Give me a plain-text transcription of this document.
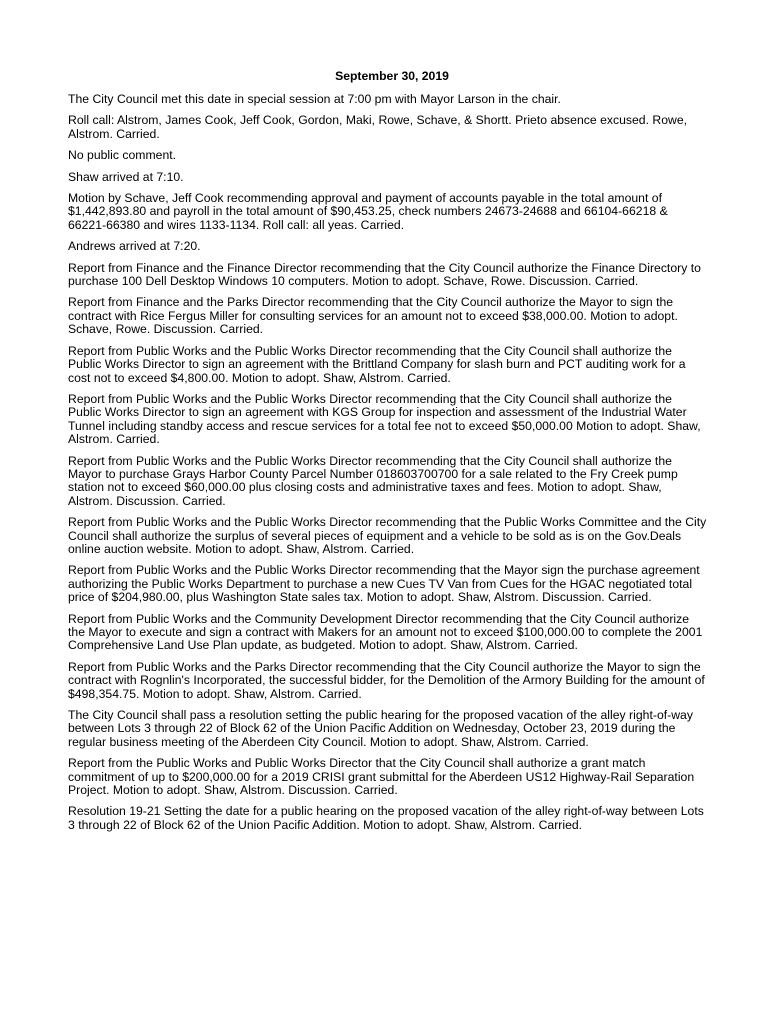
September 30, 2019

The City Council met this date in special session at 7:00 pm with Mayor Larson in the chair.

Roll call: Alstrom, James Cook, Jeff Cook, Gordon, Maki, Rowe, Schave, & Shortt. Prieto absence excused. Rowe, Alstrom. Carried.

No public comment.

Shaw arrived at 7:10.

Motion by Schave, Jeff Cook recommending approval and payment of accounts payable in the total amount of $1,442,893.80 and payroll in the total amount of $90,453.25, check numbers 24673-24688 and 66104-66218 & 66221-66380 and wires 1133-1134. Roll call: all yeas. Carried.

Andrews arrived at 7:20.

Report from Finance and the Finance Director recommending that the City Council authorize the Finance Directory to purchase 100 Dell Desktop Windows 10 computers. Motion to adopt. Schave, Rowe. Discussion. Carried.

Report from Finance and the Parks Director recommending that the City Council authorize the Mayor to sign the contract with Rice Fergus Miller for consulting services for an amount not to exceed $38,000.00. Motion to adopt. Schave, Rowe. Discussion. Carried.

Report from Public Works and the Public Works Director recommending that the City Council shall authorize the Public Works Director to sign an agreement with the Brittland Company for slash burn and PCT auditing work for a cost not to exceed $4,800.00. Motion to adopt. Shaw, Alstrom. Carried.

Report from Public Works and the Public Works Director recommending that the City Council shall authorize the Public Works Director to sign an agreement with KGS Group for inspection and assessment of the Industrial Water Tunnel including standby access and rescue services for a total fee not to exceed $50,000.00 Motion to adopt. Shaw, Alstrom. Carried.

Report from Public Works and the Public Works Director recommending that the City Council shall authorize the Mayor to purchase Grays Harbor County Parcel Number 018603700700 for a sale related to the Fry Creek pump station not to exceed $60,000.00 plus closing costs and administrative taxes and fees. Motion to adopt. Shaw, Alstrom. Discussion. Carried.

Report from Public Works and the Public Works Director recommending that the Public Works Committee and the City Council shall authorize the surplus of several pieces of equipment and a vehicle to be sold as is on the Gov.Deals online auction website. Motion to adopt. Shaw, Alstrom. Carried.

Report from Public Works and the Public Works Director recommending that the Mayor sign the purchase agreement authorizing the Public Works Department to purchase a new Cues TV Van from Cues for the HGAC negotiated total price of $204,980.00, plus Washington State sales tax. Motion to adopt. Shaw, Alstrom. Discussion. Carried.

Report from Public Works and the Community Development Director recommending that the City Council authorize the Mayor to execute and sign a contract with Makers for an amount not to exceed $100,000.00 to complete the 2001 Comprehensive Land Use Plan update, as budgeted. Motion to adopt. Shaw, Alstrom. Carried.

Report from Public Works and the Parks Director recommending that the City Council authorize the Mayor to sign the contract with Rognlin's Incorporated, the successful bidder, for the Demolition of the Armory Building for the amount of $498,354.75. Motion to adopt. Shaw, Alstrom. Carried.

The City Council shall pass a resolution setting the public hearing for the proposed vacation of the alley right-of-way between Lots 3 through 22 of Block 62 of the Union Pacific Addition on Wednesday, October 23, 2019 during the regular business meeting of the Aberdeen City Council. Motion to adopt. Shaw, Alstrom. Carried.

Report from the Public Works and Public Works Director that the City Council shall authorize a grant match commitment of up to $200,000.00 for a 2019 CRISI grant submittal for the Aberdeen US12 Highway-Rail Separation Project. Motion to adopt. Shaw, Alstrom. Discussion. Carried.

Resolution 19-21 Setting the date for a public hearing on the proposed vacation of the alley right-of-way between Lots 3 through 22 of Block 62 of the Union Pacific Addition. Motion to adopt. Shaw, Alstrom. Carried.
